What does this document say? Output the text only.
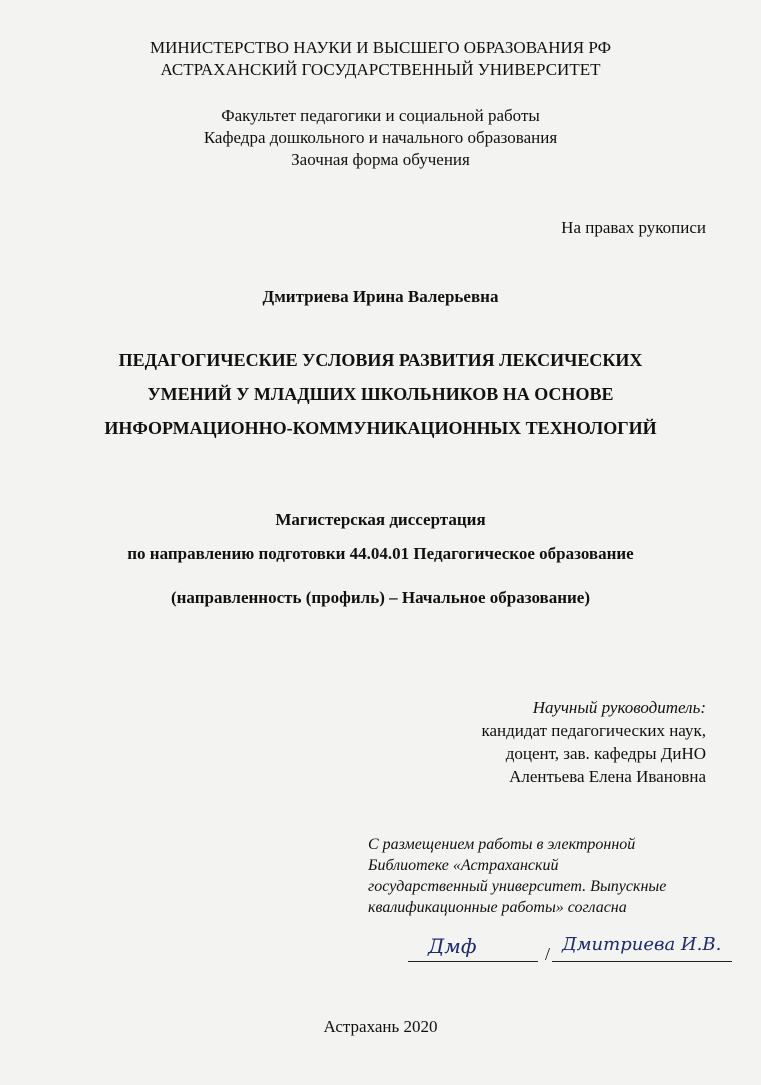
МИНИСТЕРСТВО НАУКИ И ВЫСШЕГО ОБРАЗОВАНИЯ РФ
АСТРАХАНСКИЙ ГОСУДАРСТВЕННЫЙ УНИВЕРСИТЕТ
Факультет педагогики и социальной работы
Кафедра дошкольного и начального образования
Заочная форма обучения
На правах рукописи
Дмитриева Ирина Валерьевна
ПЕДАГОГИЧЕСКИЕ УСЛОВИЯ РАЗВИТИЯ ЛЕКСИЧЕСКИХ
УМЕНИЙ У МЛАДШИХ ШКОЛЬНИКОВ НА ОСНОВЕ
ИНФОРМАЦИОННО-КОММУНИКАЦИОННЫХ ТЕХНОЛОГИЙ
Магистерская диссертация
по направлению подготовки 44.04.01 Педагогическое образование
(направленность (профиль) – Начальное образование)
Научный руководитель:
кандидат педагогических наук,
доцент, зав. кафедры ДиНО
Алентьева Елена Ивановна
С размещением работы в электронной
Библиотеке «Астраханский
государственный университет. Выпускные
квалификационные работы» согласна
/
Дмф	Дмитриева И.В.
Астрахань 2020
